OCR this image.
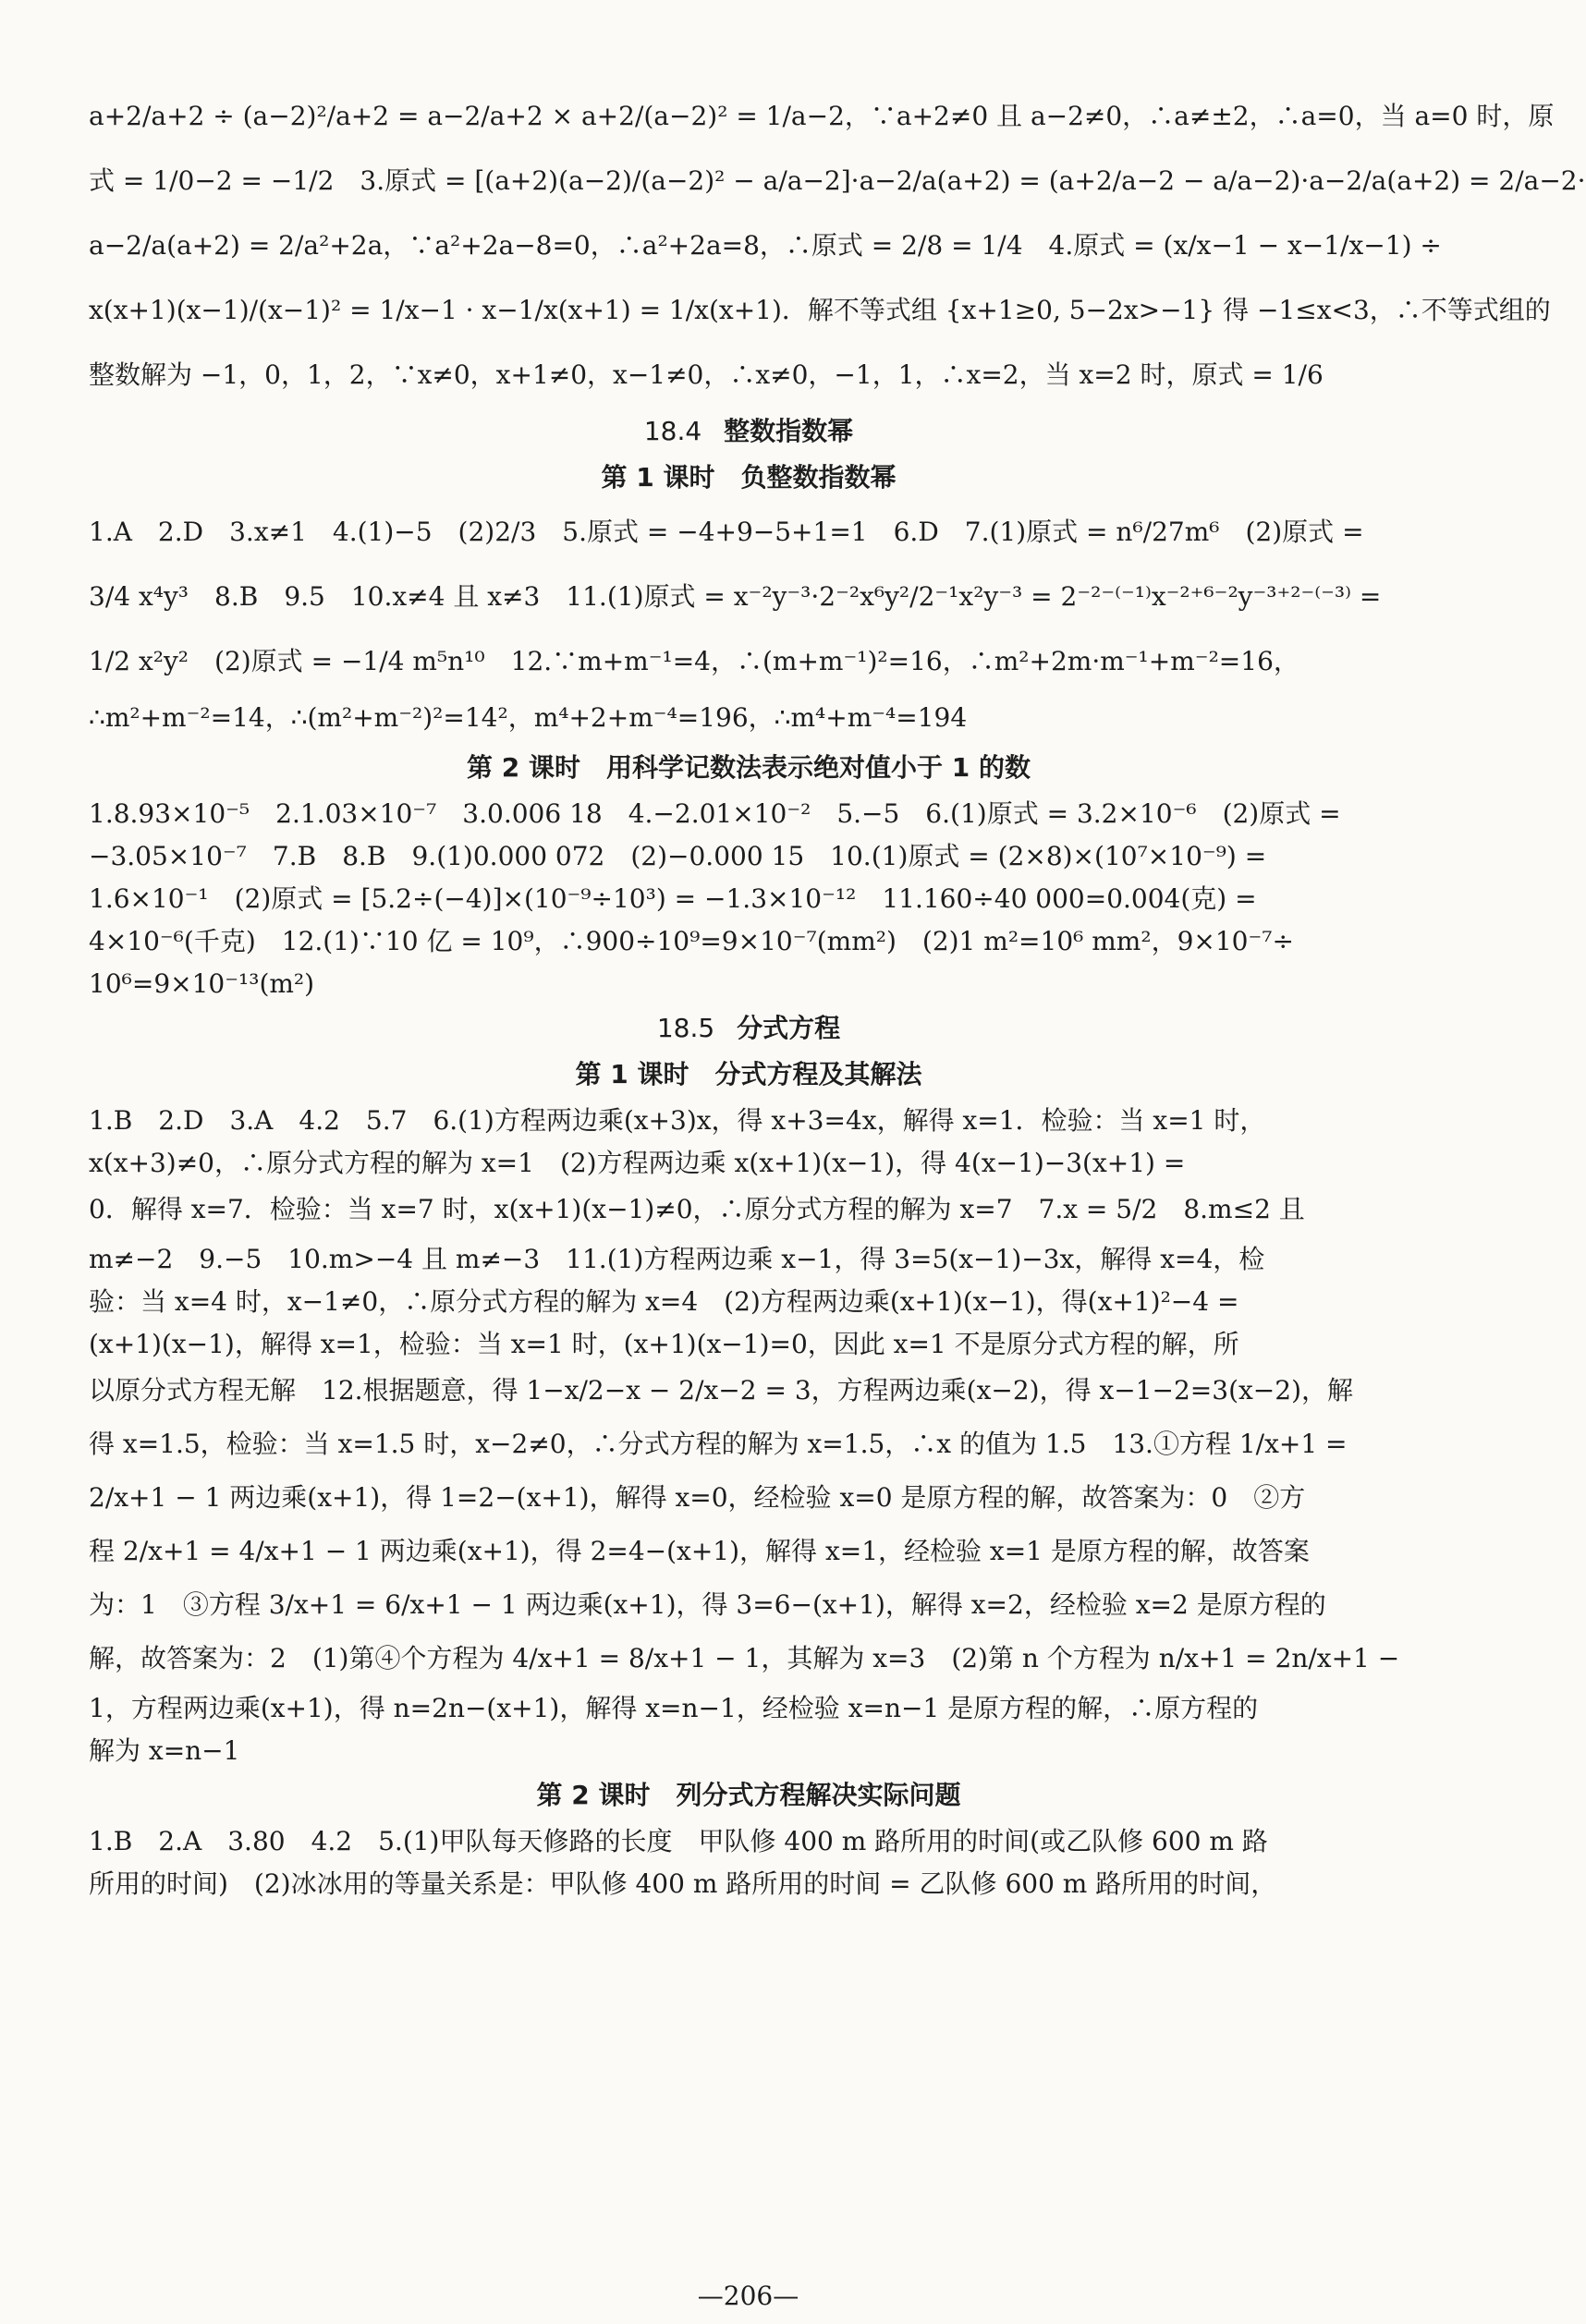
a+2/a+2 ÷ (a−2)²/a+2 = a−2/a+2 × a+2/(a−2)² = 1/a−2，∵a+2≠0 且 a−2≠0，∴a≠±2，∴a=0，当 a=0 时，原
式 = 1/0−2 = −1/2　3.原式 = [(a+2)(a−2)/(a−2)² − a/a−2]·a−2/a(a+2) = (a+2/a−2 − a/a−2)·a−2/a(a+2) = 2/a−2·
a−2/a(a+2) = 2/a²+2a，∵a²+2a−8=0，∴a²+2a=8，∴原式 = 2/8 = 1/4　4.原式 = (x/x−1 − x−1/x−1) ÷
x(x+1)(x−1)/(x−1)² = 1/x−1 · x−1/x(x+1) = 1/x(x+1)．解不等式组 {x+1≥0, 5−2x>−1} 得 −1≤x<3，∴不等式组的
整数解为 −1，0，1，2，∵x≠0，x+1≠0，x−1≠0，∴x≠0，−1，1，∴x=2，当 x=2 时，原式 = 1/6
18.4 整数指数幂
第 1 课时　负整数指数幂
1.A　2.D　3.x≠1　4.(1)−5　(2)2/3　5.原式 = −4+9−5+1=1　6.D　7.(1)原式 = n⁶/27m⁶　(2)原式 =
3/4 x⁴y³　8.B　9.5　10.x≠4 且 x≠3　11.(1)原式 = x⁻²y⁻³·2⁻²x⁶y²/2⁻¹x²y⁻³ = 2⁻²⁻⁽⁻¹⁾x⁻²⁺⁶⁻²y⁻³⁺²⁻⁽⁻³⁾ =
1/2 x²y²　(2)原式 = −1/4 m⁵n¹⁰　12.∵m+m⁻¹=4，∴(m+m⁻¹)²=16，∴m²+2m·m⁻¹+m⁻²=16，
∴m²+m⁻²=14，∴(m²+m⁻²)²=14²，m⁴+2+m⁻⁴=196，∴m⁴+m⁻⁴=194
第 2 课时　用科学记数法表示绝对值小于 1 的数
1.8.93×10⁻⁵　2.1.03×10⁻⁷　3.0.006 18　4.−2.01×10⁻²　5.−5　6.(1)原式 = 3.2×10⁻⁶　(2)原式 =
−3.05×10⁻⁷　7.B　8.B　9.(1)0.000 072　(2)−0.000 15　10.(1)原式 = (2×8)×(10⁷×10⁻⁹) =
1.6×10⁻¹　(2)原式 = [5.2÷(−4)]×(10⁻⁹÷10³) = −1.3×10⁻¹²　11.160÷40 000=0.004(克) =
4×10⁻⁶(千克)　12.(1)∵10 亿 = 10⁹，∴900÷10⁹=9×10⁻⁷(mm²)　(2)1 m²=10⁶ mm²，9×10⁻⁷÷
10⁶=9×10⁻¹³(m²)
18.5 分式方程
第 1 课时　分式方程及其解法
1.B　2.D　3.A　4.2　5.7　6.(1)方程两边乘(x+3)x，得 x+3=4x，解得 x=1．检验：当 x=1 时，
x(x+3)≠0，∴原分式方程的解为 x=1　(2)方程两边乘 x(x+1)(x−1)，得 4(x−1)−3(x+1) =
0．解得 x=7．检验：当 x=7 时，x(x+1)(x−1)≠0，∴原分式方程的解为 x=7　7.x = 5/2　8.m≤2 且
m≠−2　9.−5　10.m>−4 且 m≠−3　11.(1)方程两边乘 x−1，得 3=5(x−1)−3x，解得 x=4，检
验：当 x=4 时，x−1≠0，∴原分式方程的解为 x=4　(2)方程两边乘(x+1)(x−1)，得(x+1)²−4 =
(x+1)(x−1)，解得 x=1，检验：当 x=1 时，(x+1)(x−1)=0，因此 x=1 不是原分式方程的解，所
以原分式方程无解　12.根据题意，得 1−x/2−x − 2/x−2 = 3，方程两边乘(x−2)，得 x−1−2=3(x−2)，解
得 x=1.5，检验：当 x=1.5 时，x−2≠0，∴分式方程的解为 x=1.5，∴x 的值为 1.5　13.①方程 1/x+1 =
2/x+1 − 1 两边乘(x+1)，得 1=2−(x+1)，解得 x=0，经检验 x=0 是原方程的解，故答案为：0　②方
程 2/x+1 = 4/x+1 − 1 两边乘(x+1)，得 2=4−(x+1)，解得 x=1，经检验 x=1 是原方程的解，故答案
为：1　③方程 3/x+1 = 6/x+1 − 1 两边乘(x+1)，得 3=6−(x+1)，解得 x=2，经检验 x=2 是原方程的
解，故答案为：2　(1)第④个方程为 4/x+1 = 8/x+1 − 1，其解为 x=3　(2)第 n 个方程为 n/x+1 = 2n/x+1 −
1，方程两边乘(x+1)，得 n=2n−(x+1)，解得 x=n−1，经检验 x=n−1 是原方程的解，∴原方程的
解为 x=n−1
第 2 课时　列分式方程解决实际问题
1.B　2.A　3.80　4.2　5.(1)甲队每天修路的长度　甲队修 400 m 路所用的时间(或乙队修 600 m 路
所用的时间)　(2)冰冰用的等量关系是：甲队修 400 m 路所用的时间 = 乙队修 600 m 路所用的时间，
—206—
